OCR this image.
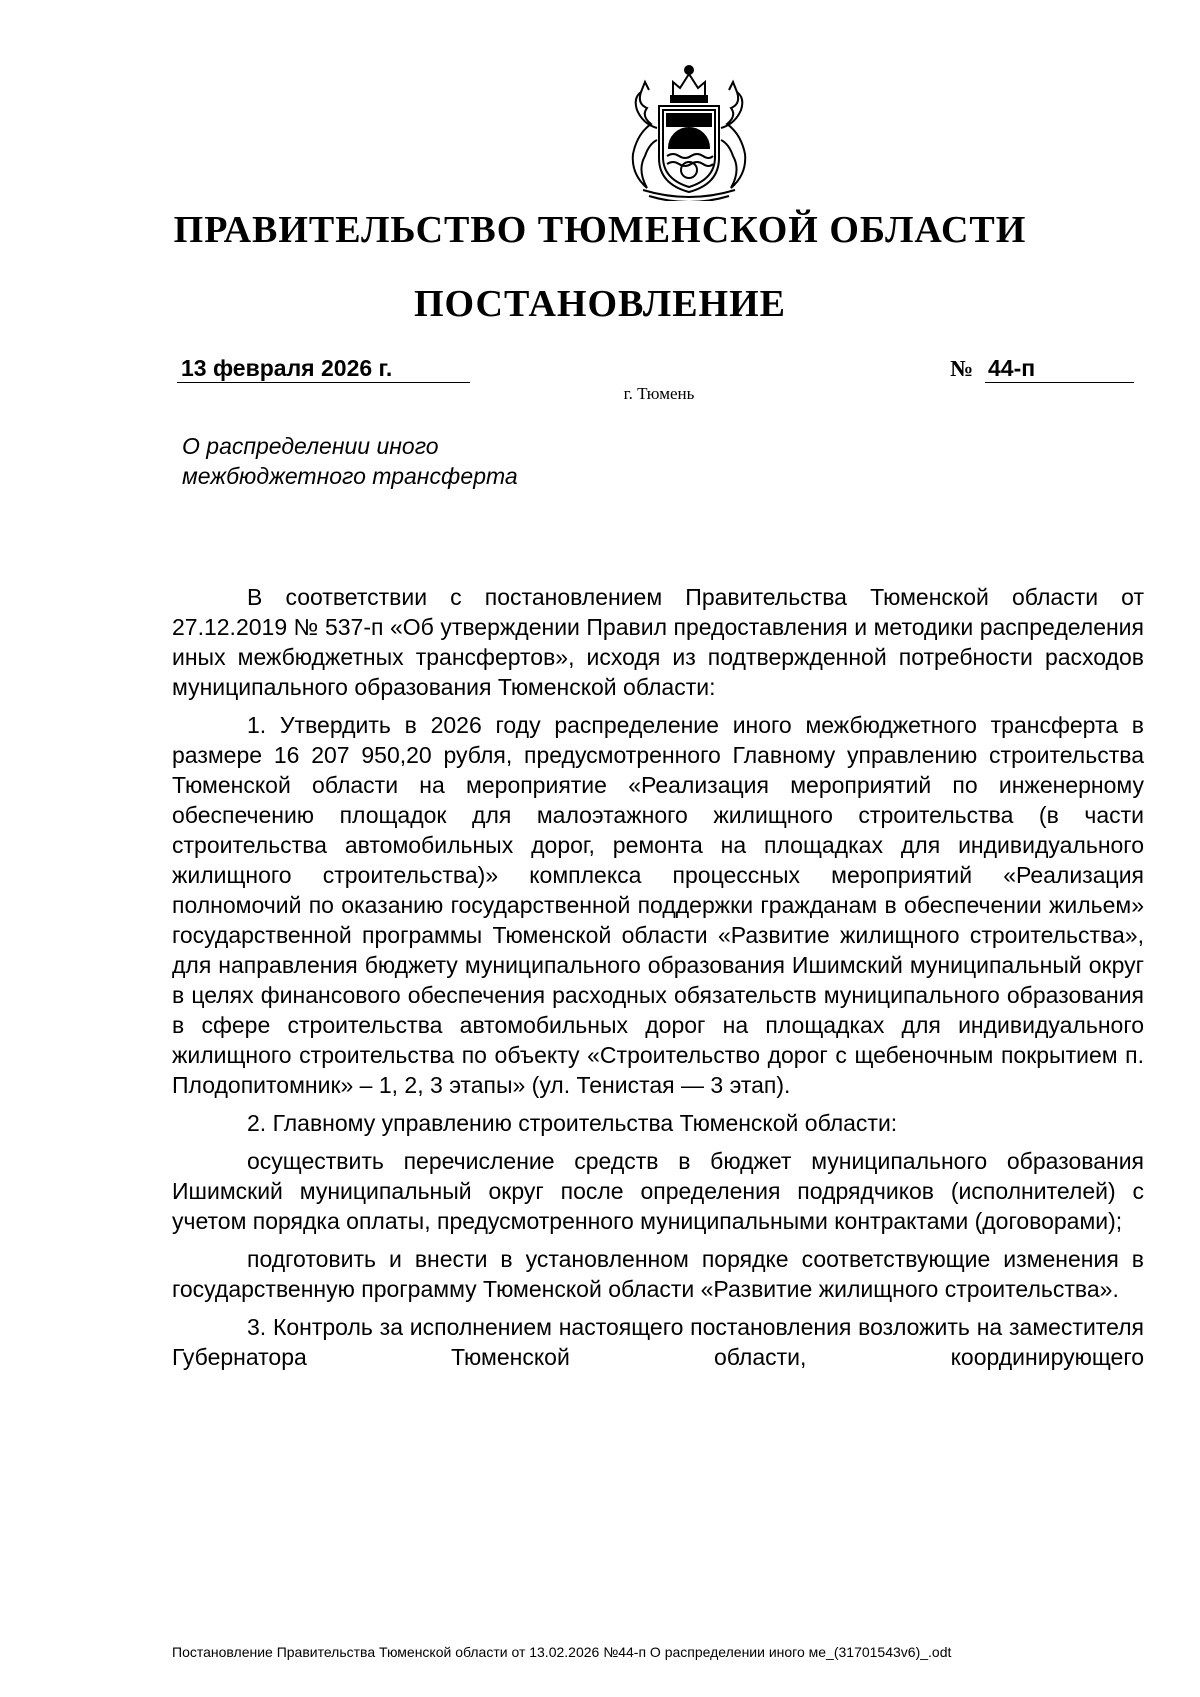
ПРАВИТЕЛЬСТВО ТЮМЕНСКОЙ ОБЛАСТИ
ПОСТАНОВЛЕНИЕ
13 февраля 2026 г.	№ 44-п
г. Тюмень
О распределении иного
межбюджетного трансферта

В соответствии с постановлением Правительства Тюменской области от 27.12.2019 № 537-п «Об утверждении Правил предоставления и методики распределения иных межбюджетных трансфертов», исходя из подтвержденной потребности расходов муниципального образования Тюменской области:

1. Утвердить в 2026 году распределение иного межбюджетного трансферта в размере 16 207 950,20 рубля, предусмотренного Главному управлению строительства Тюменской области на мероприятие «Реализация мероприятий по инженерному обеспечению площадок для малоэтажного жилищного строительства (в части строительства автомобильных дорог, ремонта на площадках для индивидуального жилищного строительства)» комплекса процессных мероприятий «Реализация полномочий по оказанию государственной поддержки гражданам в обеспечении жильем» государственной программы Тюменской области «Развитие жилищного строительства», для направления бюджету муниципального образования Ишимский муниципальный округ в целях финансового обеспечения расходных обязательств муниципального образования в сфере строительства автомобильных дорог на площадках для индивидуального жилищного строительства по объекту «Строительство дорог с щебеночным покрытием п. Плодопитомник» – 1, 2, 3 этапы» (ул. Тенистая — 3 этап).

2. Главному управлению строительства Тюменской области:

осуществить перечисление средств в бюджет муниципального образования Ишимский муниципальный округ после определения подрядчиков (исполнителей) с учетом порядка оплаты, предусмотренного муниципальными контрактами (договорами);

подготовить и внести в установленном порядке соответствующие изменения в государственную программу Тюменской области «Развитие жилищного строительства».

3. Контроль за исполнением настоящего постановления возложить на заместителя Губернатора Тюменской области, координирующего

Постановление Правительства Тюменской области от 13.02.2026 №44-п О распределении иного ме_(31701543v6)_.odt
